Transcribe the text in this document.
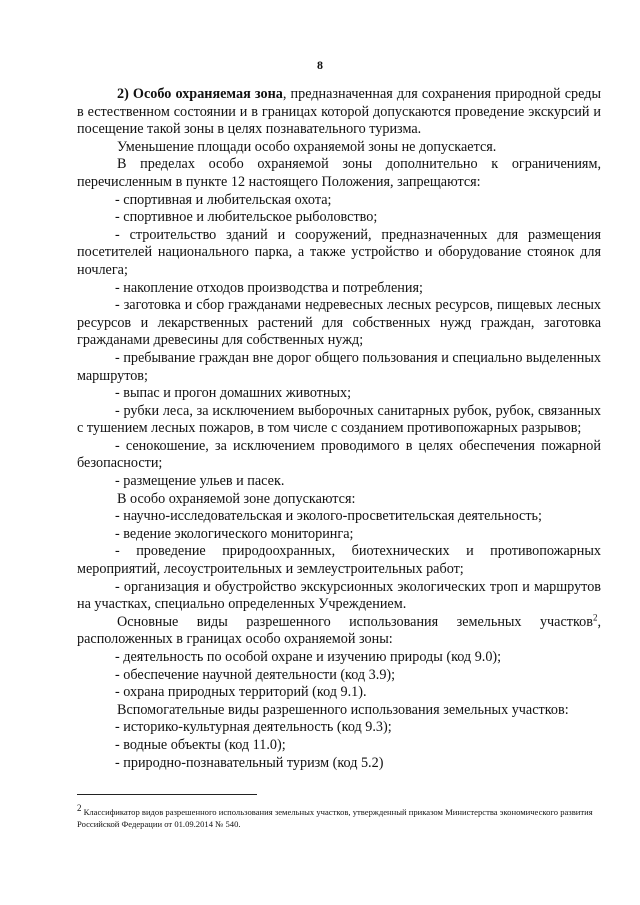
8

2) Особо охраняемая зона, предназначенная для сохранения природной среды в естественном состоянии и в границах которой допускаются проведение экскурсий и посещение такой зоны в целях познавательного туризма.

Уменьшение площади особо охраняемой зоны не допускается.

В пределах особо охраняемой зоны дополнительно к ограничениям, перечисленным в пункте 12 настоящего Положения, запрещаются:

- спортивная и любительская охота;

- спортивное и любительское рыболовство;

- строительство зданий и сооружений, предназначенных для размещения посетителей национального парка, а также устройство и оборудование стоянок для ночлега;

- накопление отходов производства и потребления;

- заготовка и сбор гражданами недревесных лесных ресурсов, пищевых лесных ресурсов и лекарственных растений для собственных нужд граждан, заготовка гражданами древесины для собственных нужд;

- пребывание граждан вне дорог общего пользования и специально выделенных маршрутов;

- выпас и прогон домашних животных;

- рубки леса, за исключением выборочных санитарных рубок, рубок, связанных с тушением лесных пожаров, в том числе с созданием противопожарных разрывов;

- сенокошение, за исключением проводимого в целях обеспечения пожарной безопасности;

- размещение ульев и пасек.

В особо охраняемой зоне допускаются:

- научно-исследовательская и эколого-просветительская деятельность;

- ведение экологического мониторинга;

- проведение природоохранных, биотехнических и противопожарных мероприятий, лесоустроительных и землеустроительных работ;

- организация и обустройство экскурсионных экологических троп и маршрутов на участках, специально определенных Учреждением.

Основные виды разрешенного использования земельных участков$^2$, расположенных в границах особо охраняемой зоны:

- деятельность по особой охране и изучению природы (код 9.0);

- обеспечение научной деятельности (код 3.9);

- охрана природных территорий (код 9.1).

Вспомогательные виды разрешенного использования земельных участков:

- историко-культурная деятельность (код 9.3);

- водные объекты (код 11.0);

- природно-познавательный туризм (код 5.2)

$^2$ Классификатор видов разрешенного использования земельных участков, утвержденный приказом Министерства экономического развития Российской Федерации от 01.09.2014 № 540.
